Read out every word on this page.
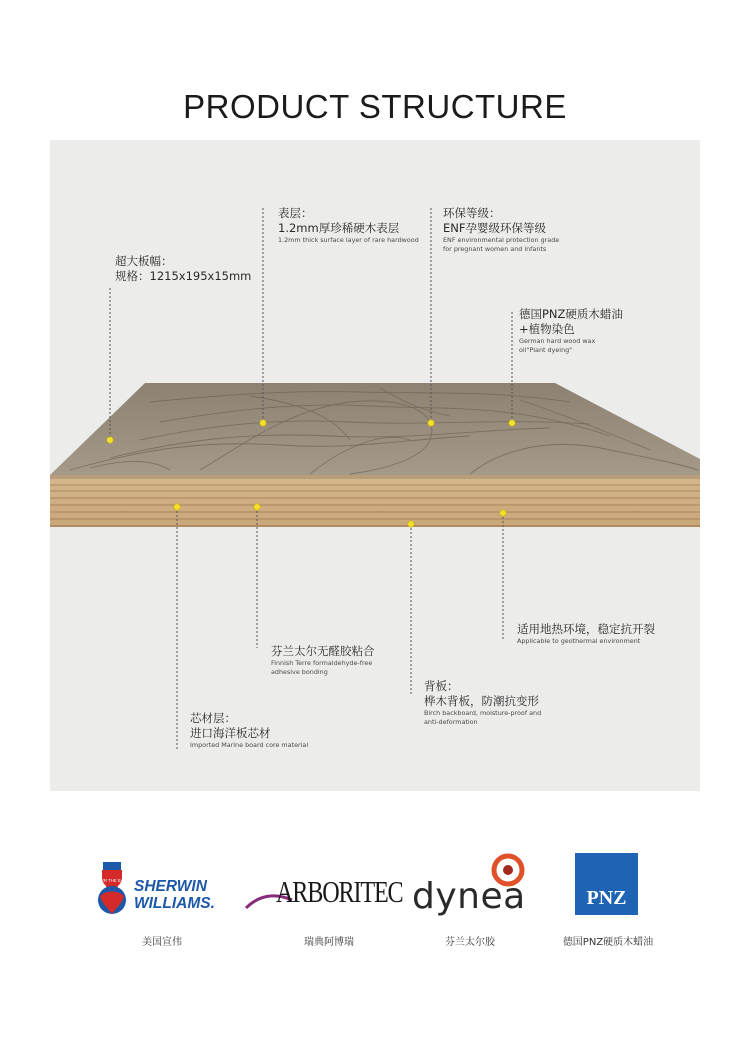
PRODUCT STRUCTURE
超大板幅：
规格：1215x195x15mm
表层：
1.2mm厚珍稀硬木表层
1.2mm thick surface layer of rare hardwood
环保等级：
ENF孕婴级环保等级
ENF environmental protection grade
for pregnant women and infants
德国PNZ硬质木蜡油
+植物染色
German hard wood wax
oil"Plant dyeing"
适用地热环境，稳定抗开裂
Applicable to geothermal environment
芬兰太尔无醛胶粘合
Finnish Terre formaldehyde-free
adhesive bonding
背板：
桦木背板，防潮抗变形
Birch backboard, moisture-proof and
anti-deformation
芯材层：
进口海洋板芯材
Imported Marine board core material
COVER THE EARTH SHERWIN
WILLIAMS. ARBORITEC dynea	PNZ
美国宣伟	瑞典阿博瑞	芬兰太尔胶	德国PNZ硬质木蜡油
